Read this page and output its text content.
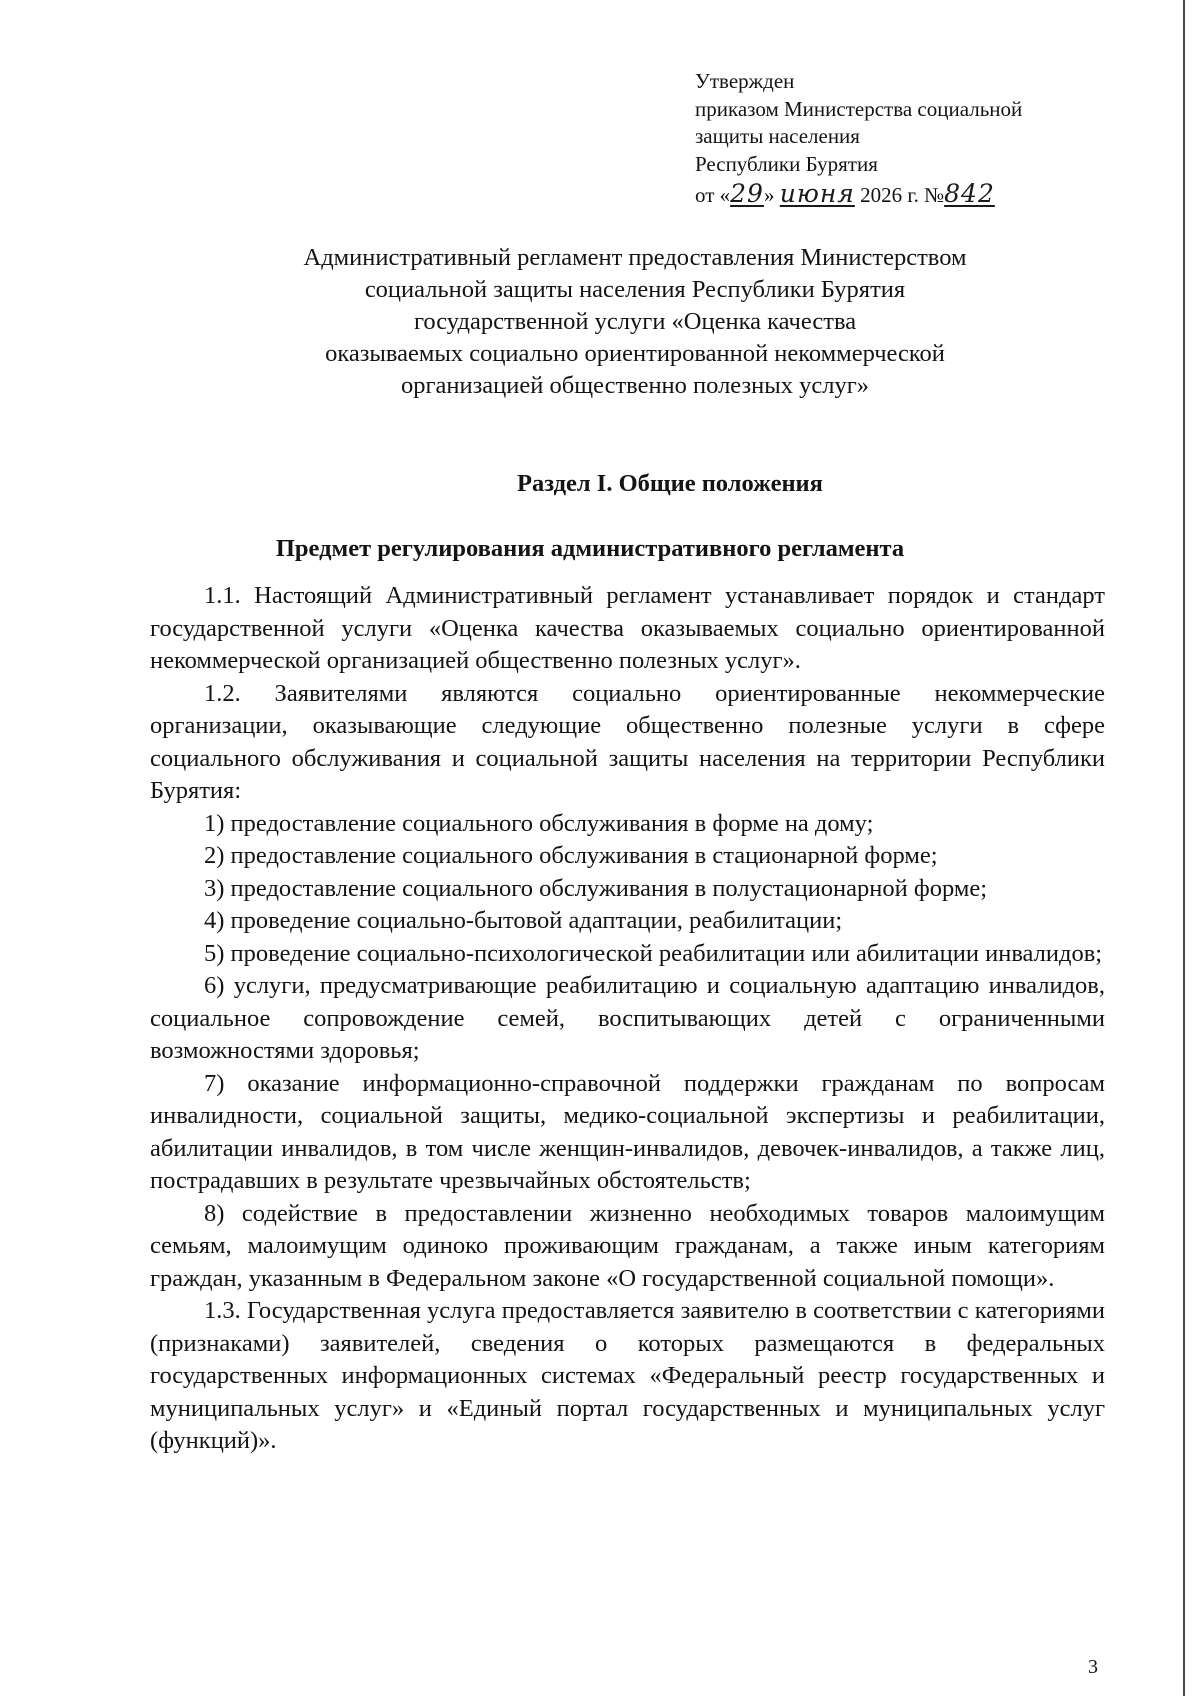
Утвержден
приказом Министерства социальной
защиты населения
Республики Бурятия
от «29» июня 2026 г. №842
Административный регламент предоставления Министерством
социальной защиты населения Республики Бурятия
государственной услуги «Оценка качества
оказываемых социально ориентированной некоммерческой
организацией общественно полезных услуг»
Раздел I. Общие положения
Предмет регулирования административного регламента

1.1. Настоящий Административный регламент устанавливает порядок и стандарт государственной услуги «Оценка качества оказываемых социально ориентированной некоммерческой организацией общественно полезных услуг».

1.2. Заявителями являются социально ориентированные некоммерческие организации, оказывающие следующие общественно полезные услуги в сфере социального обслуживания и социальной защиты населения на территории Республики Бурятия:

1) предоставление социального обслуживания в форме на дому;

2) предоставление социального обслуживания в стационарной форме;

3) предоставление социального обслуживания в полустационарной форме;

4) проведение социально-бытовой адаптации, реабилитации;

5) проведение социально-психологической реабилитации или абилитации инвалидов;

6) услуги, предусматривающие реабилитацию и социальную адаптацию инвалидов, социальное сопровождение семей, воспитывающих детей с ограниченными возможностями здоровья;

7) оказание информационно-справочной поддержки гражданам по вопросам инвалидности, социальной защиты, медико-социальной экспертизы и реабилитации, абилитации инвалидов, в том числе женщин-инвалидов, девочек-инвалидов, а также лиц, пострадавших в результате чрезвычайных обстоятельств;

8) содействие в предоставлении жизненно необходимых товаров малоимущим семьям, малоимущим одиноко проживающим гражданам, а также иным категориям граждан, указанным в Федеральном законе «О государственной социальной помощи».

1.3. Государственная услуга предоставляется заявителю в соответствии с категориями (признаками) заявителей, сведения о которых размещаются в федеральных государственных информационных системах «Федеральный реестр государственных и муниципальных услуг» и «Единый портал государственных и муниципальных услуг (функций)».

3
